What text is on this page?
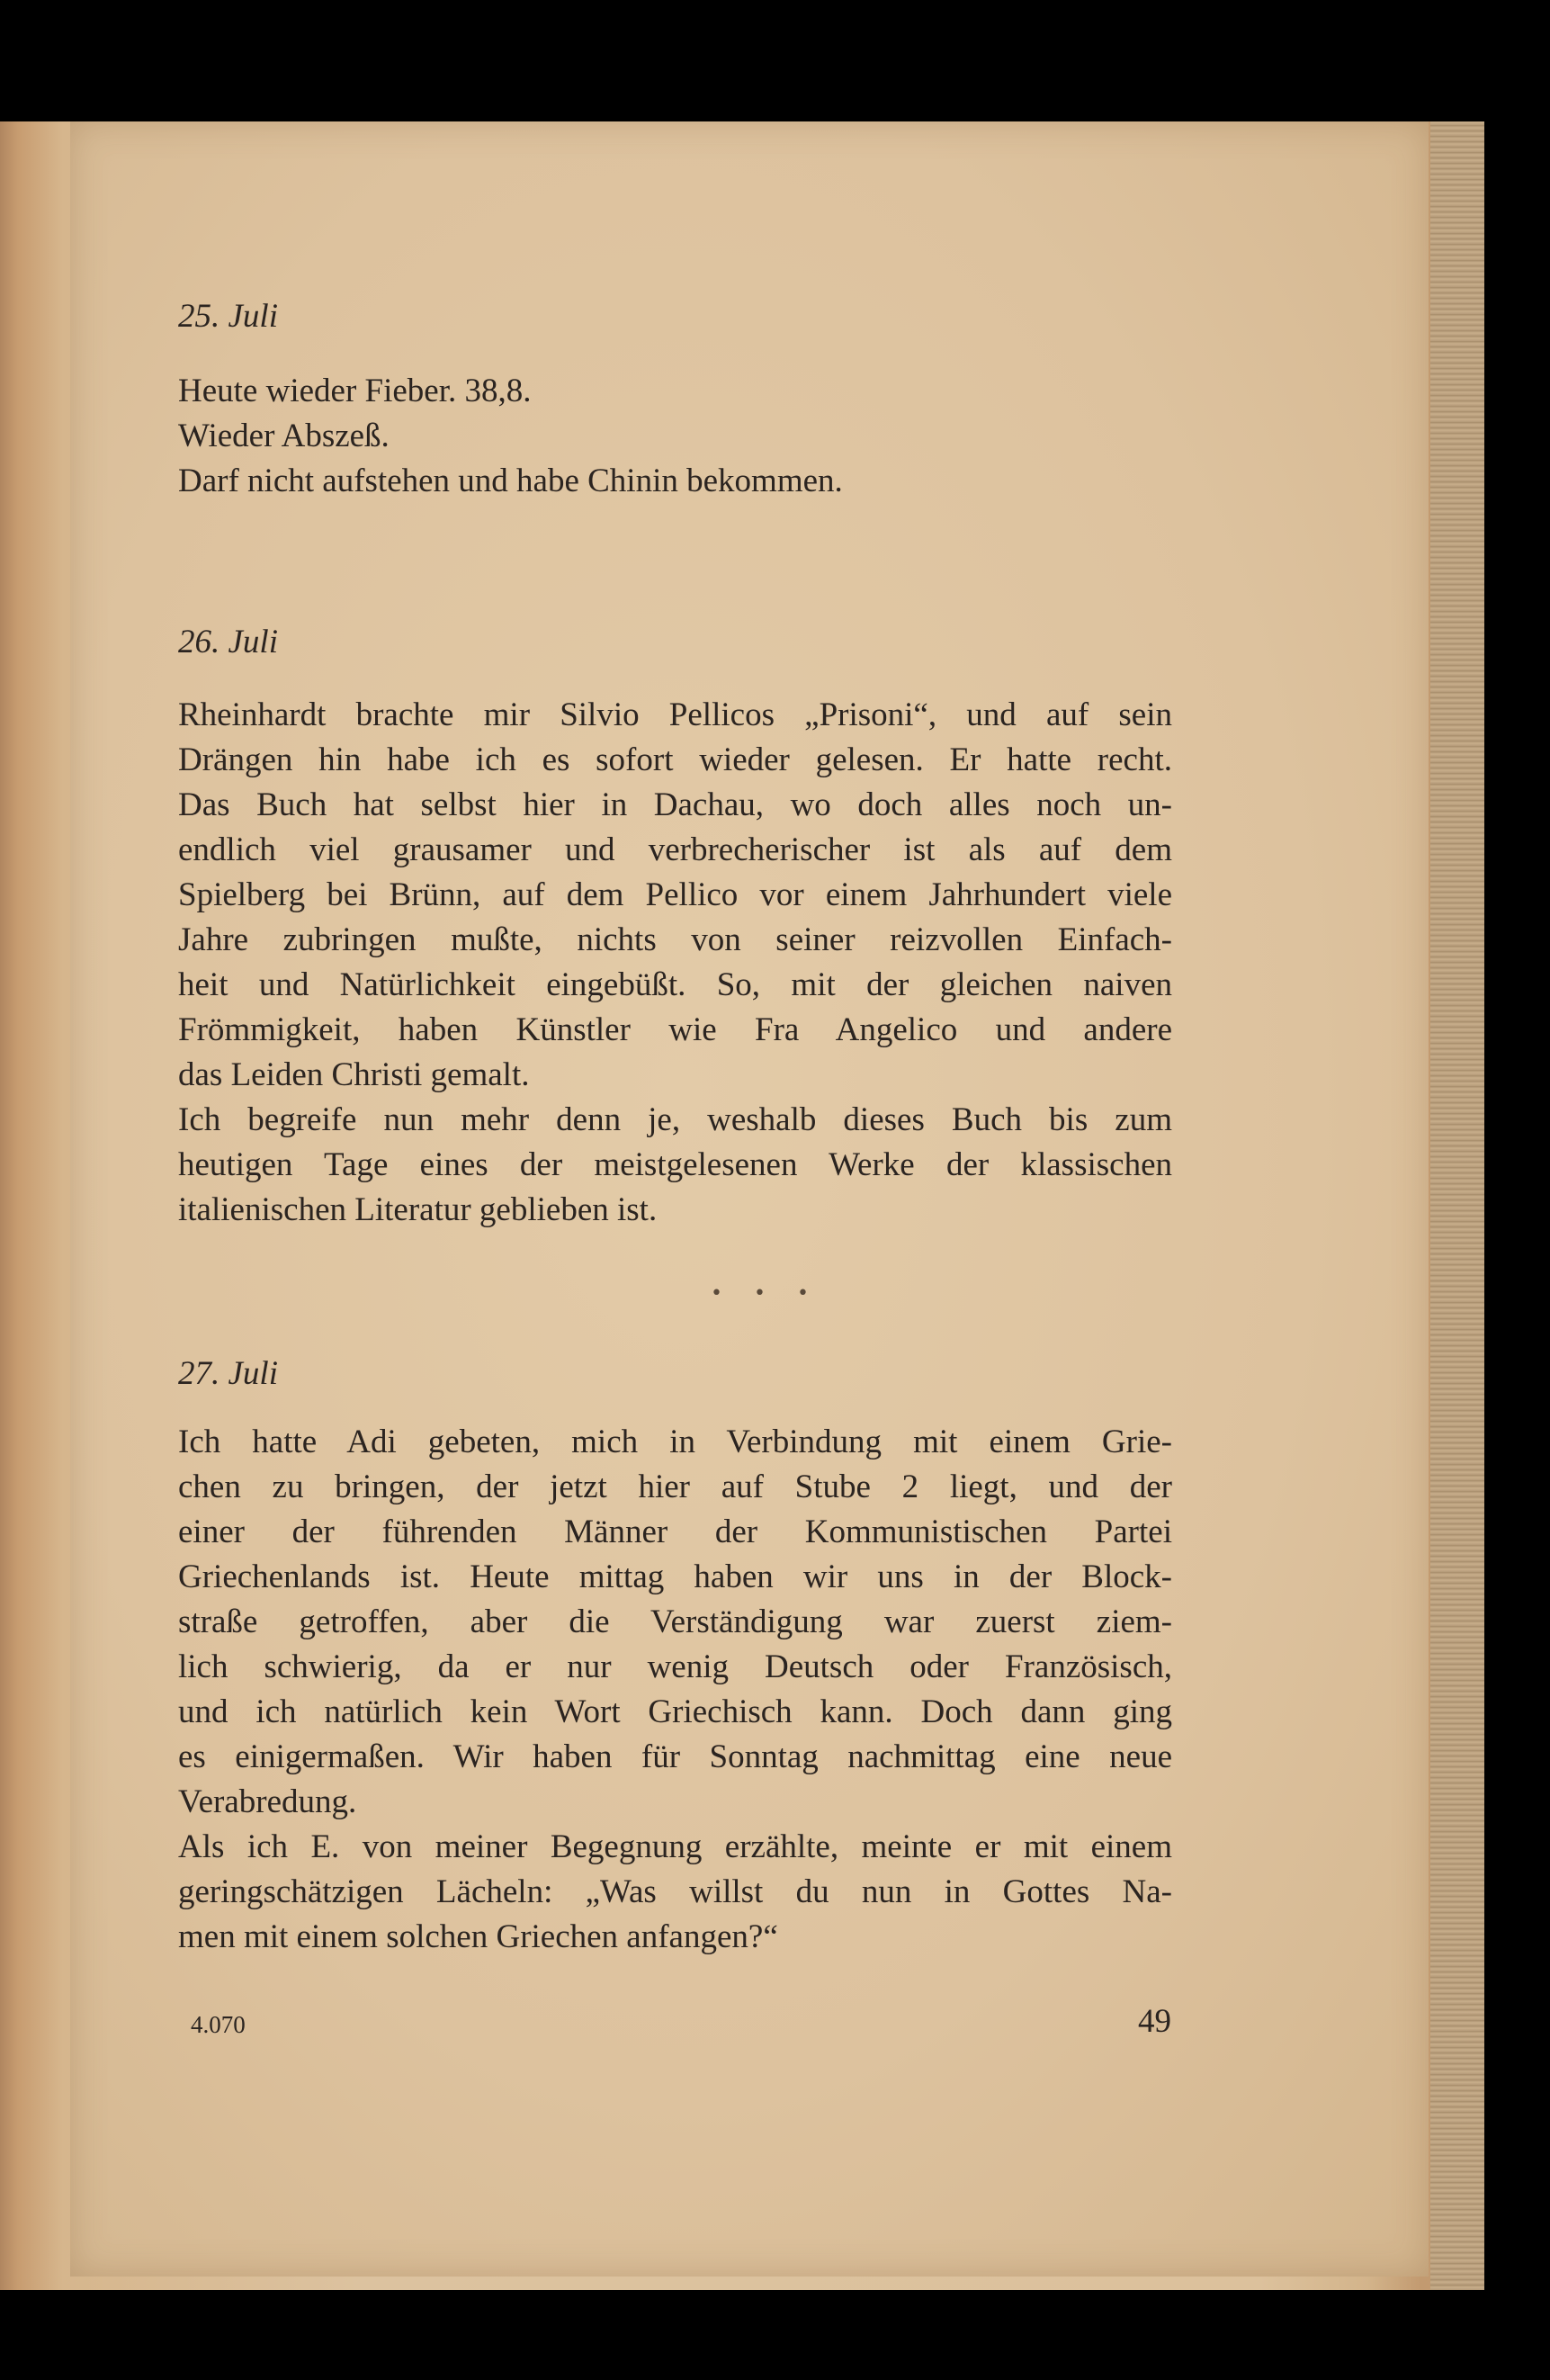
25. Juli

Heute wieder Fieber. 38,8.
Wieder Abszeß.
Darf nicht aufstehen und habe Chinin bekommen.

26. Juli

Rheinhardt brachte mir Silvio Pellicos „Prisoni“, und auf sein
Drängen hin habe ich es sofort wieder gelesen. Er hatte recht.
Das Buch hat selbst hier in Dachau, wo doch alles noch un-
endlich viel grausamer und verbrecherischer ist als auf dem
Spielberg bei Brünn, auf dem Pellico vor einem Jahrhundert viele
Jahre zubringen mußte, nichts von seiner reizvollen Einfach-
heit und Natürlichkeit eingebüßt. So, mit der gleichen naiven
Frömmigkeit, haben Künstler wie Fra Angelico und andere
das Leiden Christi gemalt.
Ich begreife nun mehr denn je, weshalb dieses Buch bis zum
heutigen Tage eines der meistgelesenen Werke der klassischen
italienischen Literatur geblieben ist.

• • •

27. Juli

Ich hatte Adi gebeten, mich in Verbindung mit einem Grie-
chen zu bringen, der jetzt hier auf Stube 2 liegt, und der
einer der führenden Männer der Kommunistischen Partei
Griechenlands ist. Heute mittag haben wir uns in der Block-
straße getroffen, aber die Verständigung war zuerst ziem-
lich schwierig, da er nur wenig Deutsch oder Französisch,
und ich natürlich kein Wort Griechisch kann. Doch dann ging
es einigermaßen. Wir haben für Sonntag nachmittag eine neue
Verabredung.
Als ich E. von meiner Begegnung erzählte, meinte er mit einem
geringschätzigen Lächeln: „Was willst du nun in Gottes Na-
men mit einem solchen Griechen anfangen?“

4.070	49
